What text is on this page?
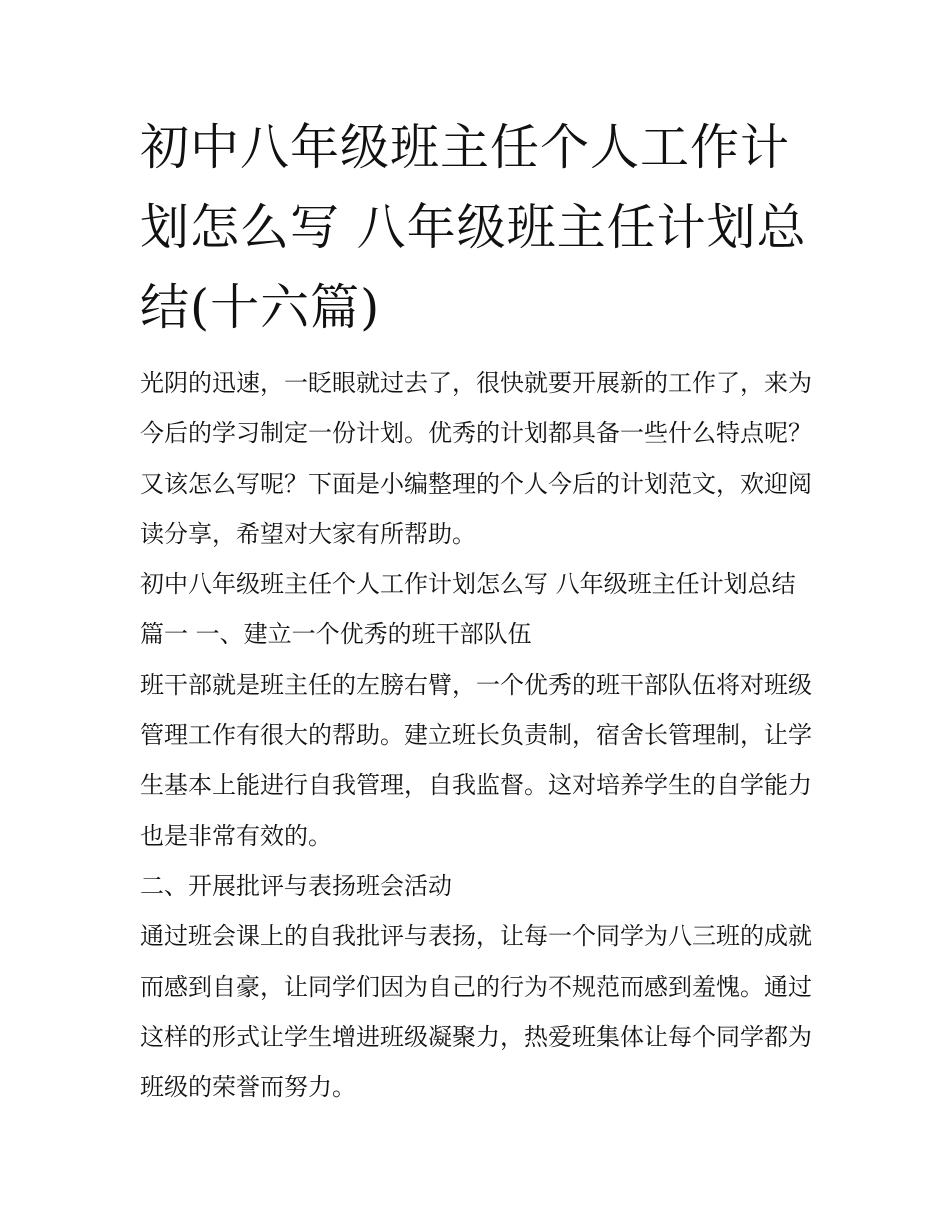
初中八年级班主任个人工作计划怎么写 八年级班主任计划总结(十六篇)

光阴的迅速，一眨眼就过去了，很快就要开展新的工作了，来为今后的学习制定一份计划。优秀的计划都具备一些什么特点呢？又该怎么写呢？下面是小编整理的个人今后的计划范文，欢迎阅读分享，希望对大家有所帮助。

初中八年级班主任个人工作计划怎么写 八年级班主任计划总结篇一 一、建立一个优秀的班干部队伍

班干部就是班主任的左膀右臂，一个优秀的班干部队伍将对班级管理工作有很大的帮助。建立班长负责制，宿舍长管理制，让学生基本上能进行自我管理，自我监督。这对培养学生的自学能力也是非常有效的。

二、开展批评与表扬班会活动

通过班会课上的自我批评与表扬，让每一个同学为八三班的成就而感到自豪，让同学们因为自己的行为不规范而感到羞愧。通过这样的形式让学生增进班级凝聚力，热爱班集体让每个同学都为班级的荣誉而努力。
